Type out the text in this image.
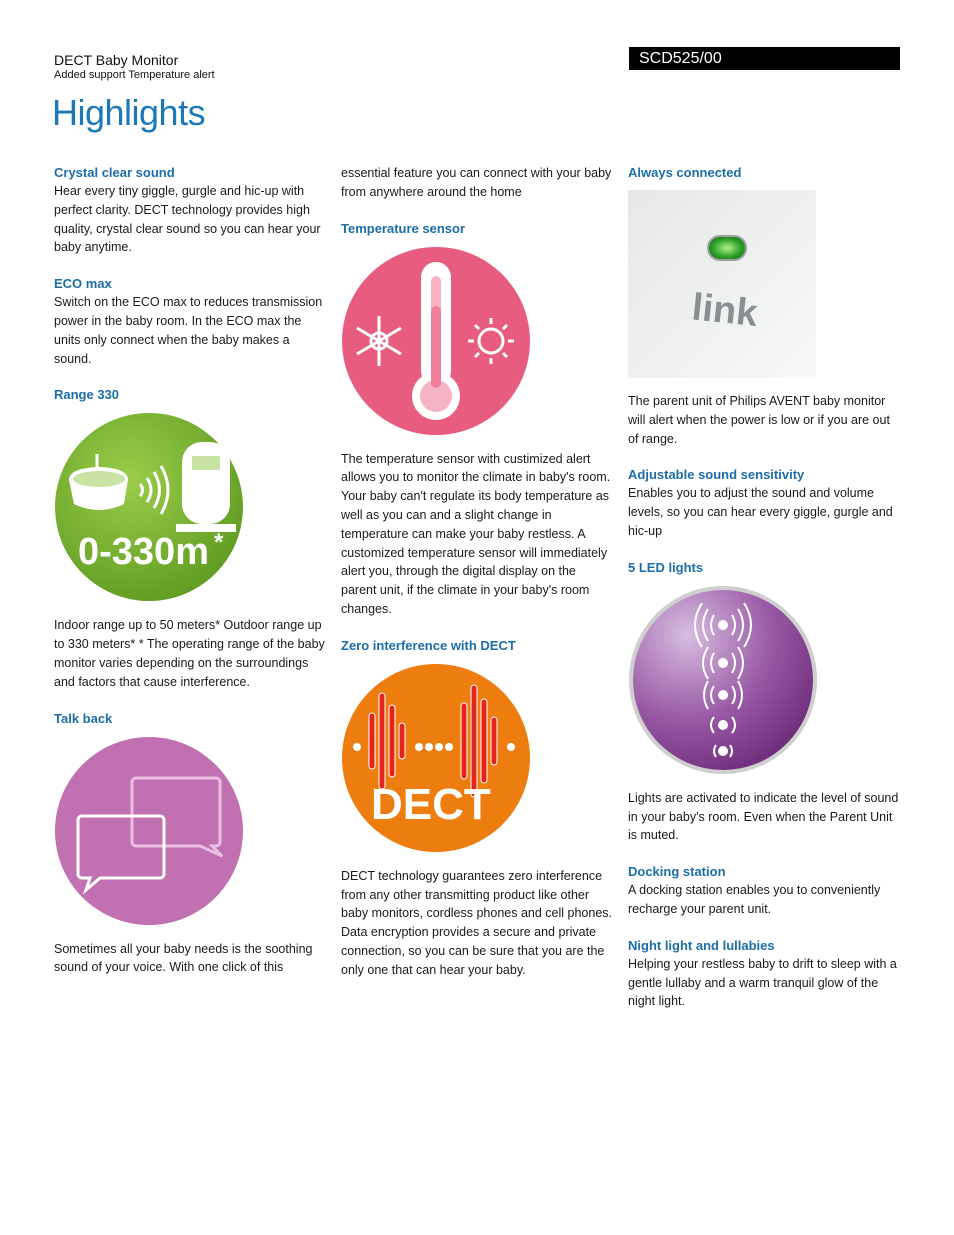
DECT Baby Monitor
Added support Temperature alert
SCD525/00
Highlights
Crystal clear sound

Hear every tiny giggle, gurgle and hic-up with perfect clarity. DECT technology provides high quality, crystal clear sound so you can hear your baby anytime.

ECO max

Switch on the ECO max to reduces transmission power in the baby room. In the ECO max the units only connect when the baby makes a sound.

Range 330
0-330m *

Indoor range up to 50 meters* Outdoor range up to 330 meters* * The operating range of the baby monitor varies depending on the surroundings and factors that cause interference.

Talk back

Sometimes all your baby needs is the soothing sound of your voice. With one click of this

essential feature you can connect with your baby from anywhere around the home

Temperature sensor

The temperature sensor with custimized alert allows you to monitor the climate in baby's room. Your baby can't regulate its body temperature as well as you can and a slight change in temperature can make your baby restless. A customized temperature sensor will immediately alert you, through the digital display on the parent unit, if the climate in your baby's room changes.

Zero interference with DECT
DECT

DECT technology guarantees zero interference from any other transmitting product like other baby monitors, cordless phones and cell phones. Data encryption provides a secure and private connection, so you can be sure that you are the only one that can hear your baby.

Always connected
link

The parent unit of Philips AVENT baby monitor will alert when the power is low or if you are out of range.

Adjustable sound sensitivity

Enables you to adjust the sound and volume levels, so you can hear every giggle, gurgle and hic-up

5 LED lights

Lights are activated to indicate the level of sound in your baby's room. Even when the Parent Unit is muted.

Docking station

A docking station enables you to conveniently recharge your parent unit.

Night light and lullabies

Helping your restless baby to drift to sleep with a gentle lullaby and a warm tranquil glow of the night light.
